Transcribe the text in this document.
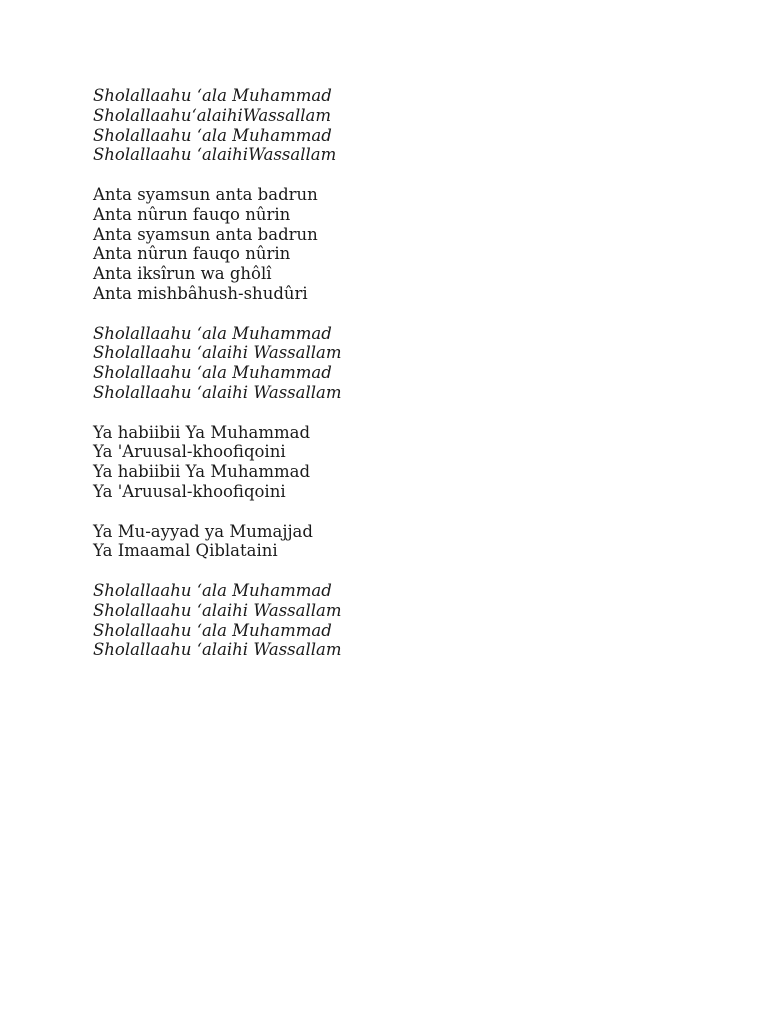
Sholallaahu ‘ala Muhammad
Sholallaahu‘alaihiWassallam
Sholallaahu ‘ala Muhammad
Sholallaahu ‘alaihiWassallam
Anta syamsun anta badrun
Anta nûrun fauqo nûrin
Anta syamsun anta badrun
Anta nûrun fauqo nûrin
Anta iksîrun wa ghôlî
Anta mishbâhush-shudûri
Sholallaahu ‘ala Muhammad
Sholallaahu ‘alaihi Wassallam
Sholallaahu ‘ala Muhammad
Sholallaahu ‘alaihi Wassallam
Ya habiibii Ya Muhammad
Ya 'Aruusal-khoofiqoini
Ya habiibii Ya Muhammad
Ya 'Aruusal-khoofiqoini
Ya Mu-ayyad ya Mumajjad
Ya Imaamal Qiblataini
Sholallaahu ‘ala Muhammad
Sholallaahu ‘alaihi Wassallam
Sholallaahu ‘ala Muhammad
Sholallaahu ‘alaihi Wassallam
